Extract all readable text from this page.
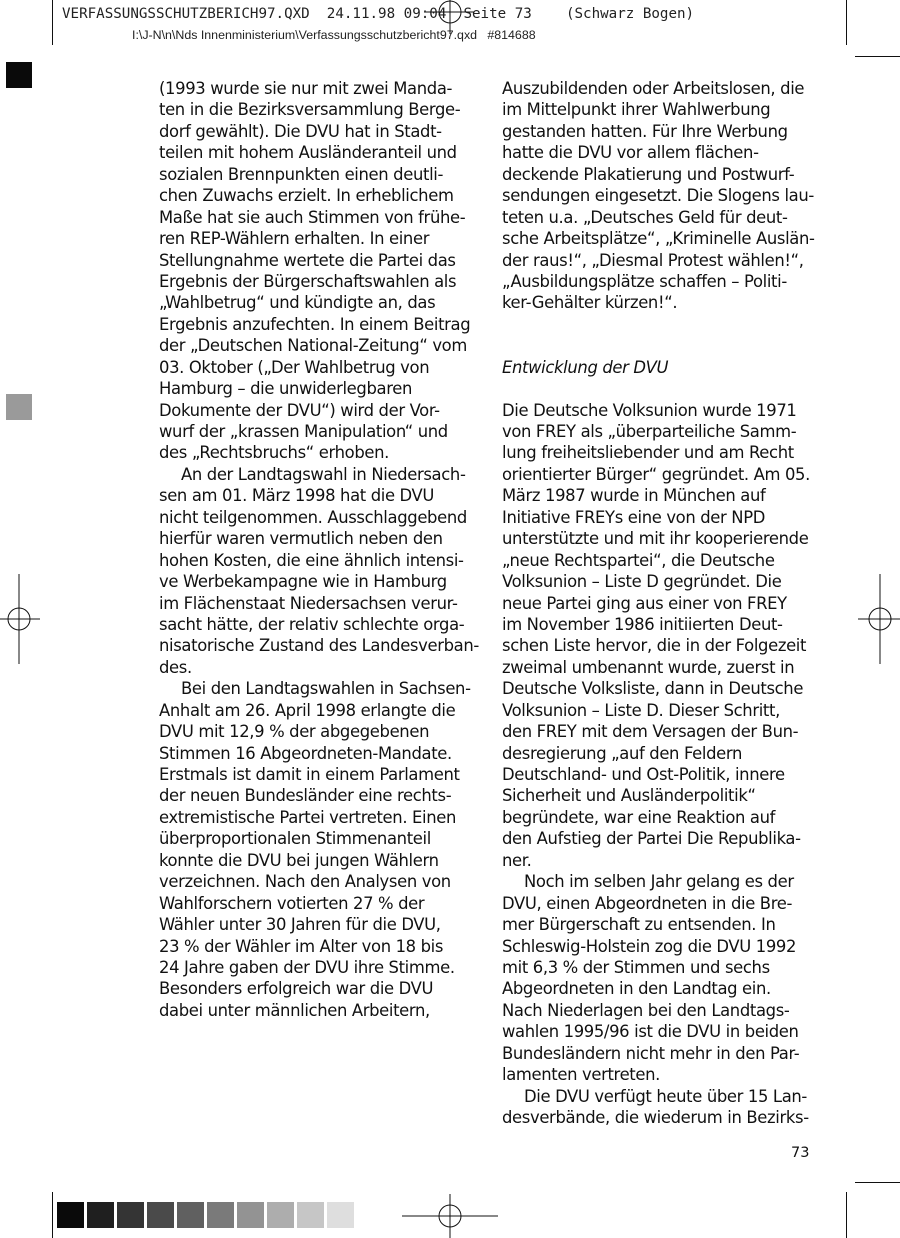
VERFASSUNGSSCHUTZBERICH97.QXD  24.11.98 09:04  Seite 73    (Schwarz Bogen)
I:\J-N\n\Nds Innenministerium\Verfassungsschutzbericht97.qxd   #814688
(1993 wurde sie nur mit zwei Manda-
ten in die Bezirksversammlung Berge-
dorf gewählt). Die DVU hat in Stadt-
teilen mit hohem Ausländeranteil und
sozialen Brennpunkten einen deutli-
chen Zuwachs erzielt. In erheblichem
Maße hat sie auch Stimmen von frühe-
ren REP-Wählern erhalten. In einer
Stellungnahme wertete die Partei das
Ergebnis der Bürgerschaftswahlen als
„Wahlbetrug“ und kündigte an, das
Ergebnis anzufechten. In einem Beitrag
der „Deutschen National-Zeitung“ vom
03. Oktober („Der Wahlbetrug von
Hamburg – die unwiderlegbaren
Dokumente der DVU“) wird der Vor-
wurf der „krassen Manipulation“ und
des „Rechtsbruchs“ erhoben.
An der Landtagswahl in Niedersach-
sen am 01. März 1998 hat die DVU
nicht teilgenommen. Ausschlaggebend
hierfür waren vermutlich neben den
hohen Kosten, die eine ähnlich intensi-
ve Werbekampagne wie in Hamburg
im Flächenstaat Niedersachsen verur-
sacht hätte, der relativ schlechte orga-
nisatorische Zustand des Landesverban-
des.
Bei den Landtagswahlen in Sachsen-
Anhalt am 26. April 1998 erlangte die
DVU mit 12,9 % der abgegebenen
Stimmen 16 Abgeordneten-Mandate.
Erstmals ist damit in einem Parlament
der neuen Bundesländer eine rechts-
extremistische Partei vertreten. Einen
überproportionalen Stimmenanteil
konnte die DVU bei jungen Wählern
verzeichnen. Nach den Analysen von
Wahlforschern votierten 27 % der
Wähler unter 30 Jahren für die DVU,
23 % der Wähler im Alter von 18 bis
24 Jahre gaben der DVU ihre Stimme.
Besonders erfolgreich war die DVU
dabei unter männlichen Arbeitern,
Auszubildenden oder Arbeitslosen, die
im Mittelpunkt ihrer Wahlwerbung
gestanden hatten. Für Ihre Werbung
hatte die DVU vor allem flächen-
deckende Plakatierung und Postwurf-
sendungen eingesetzt. Die Slogens lau-
teten u.a. „Deutsches Geld für deut-
sche Arbeitsplätze“, „Kriminelle Auslän-
der raus!“, „Diesmal Protest wählen!“,
„Ausbildungsplätze schaffen – Politi-
ker-Gehälter kürzen!“.
Entwicklung der DVU
Die Deutsche Volksunion wurde 1971
von FREY als „überparteiliche Samm-
lung freiheitsliebender und am Recht
orientierter Bürger“ gegründet. Am 05.
März 1987 wurde in München auf
Initiative FREYs eine von der NPD
unterstützte und mit ihr kooperierende
„neue Rechtspartei“, die Deutsche
Volksunion – Liste D gegründet. Die
neue Partei ging aus einer von FREY
im November 1986 initiierten Deut-
schen Liste hervor, die in der Folgezeit
zweimal umbenannt wurde, zuerst in
Deutsche Volksliste, dann in Deutsche
Volksunion – Liste D. Dieser Schritt,
den FREY mit dem Versagen der Bun-
desregierung „auf den Feldern
Deutschland- und Ost-Politik, innere
Sicherheit und Ausländerpolitik“
begründete, war eine Reaktion auf
den Aufstieg der Partei Die Republika-
ner.
Noch im selben Jahr gelang es der
DVU, einen Abgeordneten in die Bre-
mer Bürgerschaft zu entsenden. In
Schleswig-Holstein zog die DVU 1992
mit 6,3 % der Stimmen und sechs
Abgeordneten in den Landtag ein.
Nach Niederlagen bei den Landtags-
wahlen 1995/96 ist die DVU in beiden
Bundesländern nicht mehr in den Par-
lamenten vertreten.
Die DVU verfügt heute über 15 Lan-
desverbände, die wiederum in Bezirks-
73
